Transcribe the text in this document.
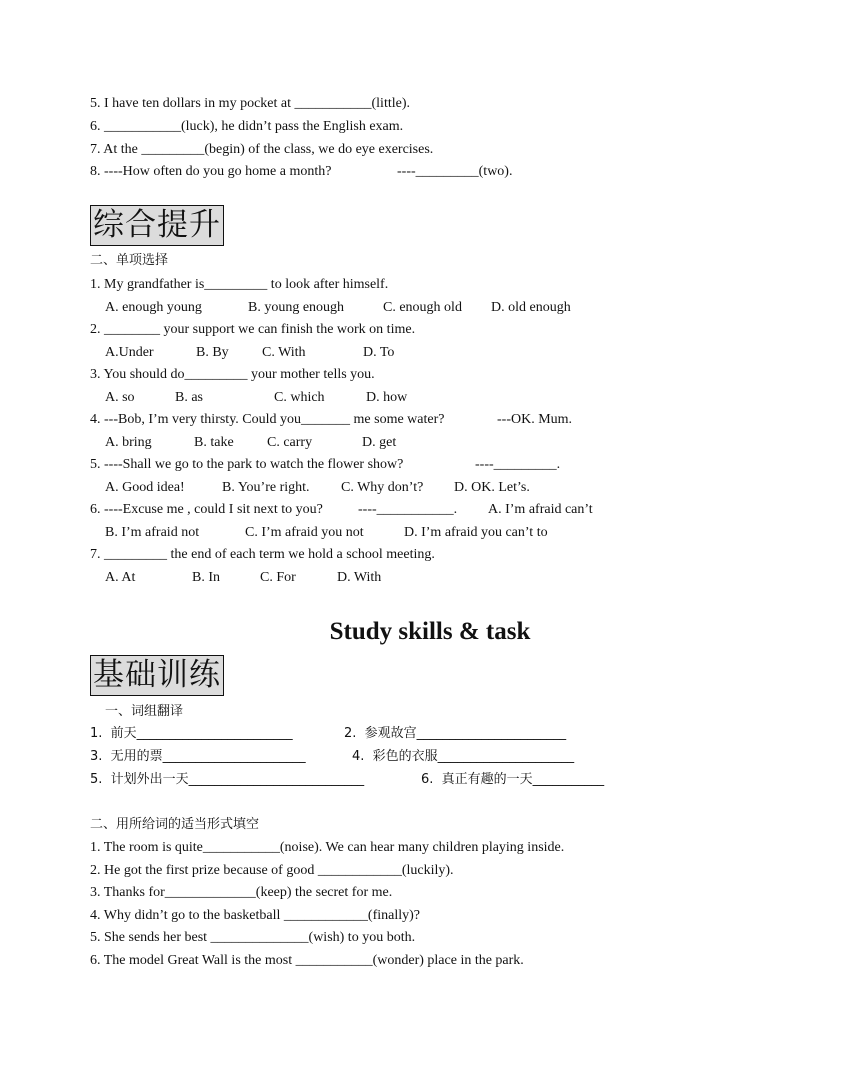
5. I have ten dollars in my pocket at ___________(little).
6. ___________(luck), he didn’t pass the English exam.
7. At the _________(begin) of the class, we do eye exercises.
8. ----How often do you go home a month?	----_________(two).
综合提升
二、单项选择
1. My grandfather is_________ to look after himself.
A. enough young	B. young enough	C. enough old D. old enough
2. ________ your support we can finish the work on time.
A.Under	B. By C. With	D. To
3. You should do_________ your mother tells you.
A. so	B. as	C. which	D. how
4. ---Bob, I’m very thirsty. Could you_______ me some water?	---OK. Mum.
A. bring	B. take C. carry	D. get
5. ----Shall we go to the park to watch the flower show?	----_________.
A. Good idea!	B. You’re right. C. Why don’t? D. OK. Let’s.
6. ----Excuse me , could I sit next to you?	----___________. A. I’m afraid can’t
B. I’m afraid not	C. I’m afraid you not	D. I’m afraid you can’t to
7. _________ the end of each term we hold a school meeting.
A. At	B. In	C. For	D. With
Study skills & task
基础训练
一、词组翻译
1.  前天________________________	2.  参观故宫_______________________
3.  无用的票______________________	4.  彩色的衣服_____________________
5.  计划外出一天___________________________	6.  真正有趣的一天___________
二、用所给词的适当形式填空
1. The room is quite___________(noise). We can hear many children playing inside.
2. He got the first prize because of good ____________(luckily).
3. Thanks for_____________(keep) the secret for me.
4. Why didn’t go to the basketball ____________(finally)?
5. She sends her best ______________(wish) to you both.
6. The model Great Wall is the most ___________(wonder) place in the park.
